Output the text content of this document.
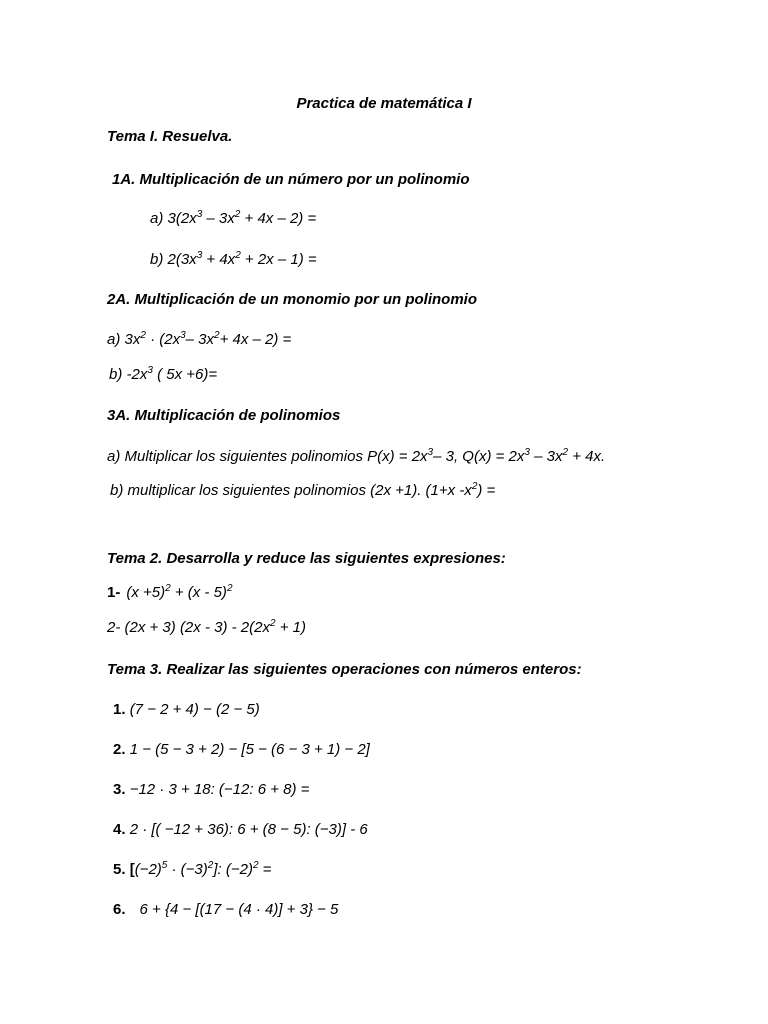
Practica de matemática I
Tema I. Resuelva.
1A. Multiplicación de un número por un polinomio
a) $3(2x^3 - 3x^2 + 4x - 2)$ =
b) $2(3x^3 + 4x^2 + 2x - 1)$ =
2A. Multiplicación de un monomio por un polinomio
a) $3x^2 \cdot (2x^3-$ $3x^2+ 4x - 2$) =
b) $-2x^3$ ( 5x +6)=
3A. Multiplicación de polinomios
a) Multiplicar los siguientes polinomios $P(x) = 2x^3-$ 3, $Q(x) = 2x^3 - 3x^2 + 4x$.
b) multiplicar los siguientes polinomios (2x +1). (1+x $-x^2$) =
Tema 2. Desarrolla y reduce las siguientes expresiones:
1- $(x +5)^2 + (x - 5)^2$
2- (2x + 3) $(2x - 3) - 2(2x^2 + 1)$
Tema 3. Realizar las siguientes operaciones con números enteros:
1. (7 − 2 + 4) − (2 − 5)
2. 1 − (5 − 3 + 2) − [5 − (6 − 3 + 1) − 2]
3. −12 · 3 + 18: (−12: 6 + 8) =
4. 2 · [( −12 + 36): 6 + (8 − 5): (−3)] - 6
5. $[(-2)^5 \cdot (-3)^2]$: $(-2)^2$ =
6. 6 + {4 − [(17 − (4 · 4)] + 3} − 5
